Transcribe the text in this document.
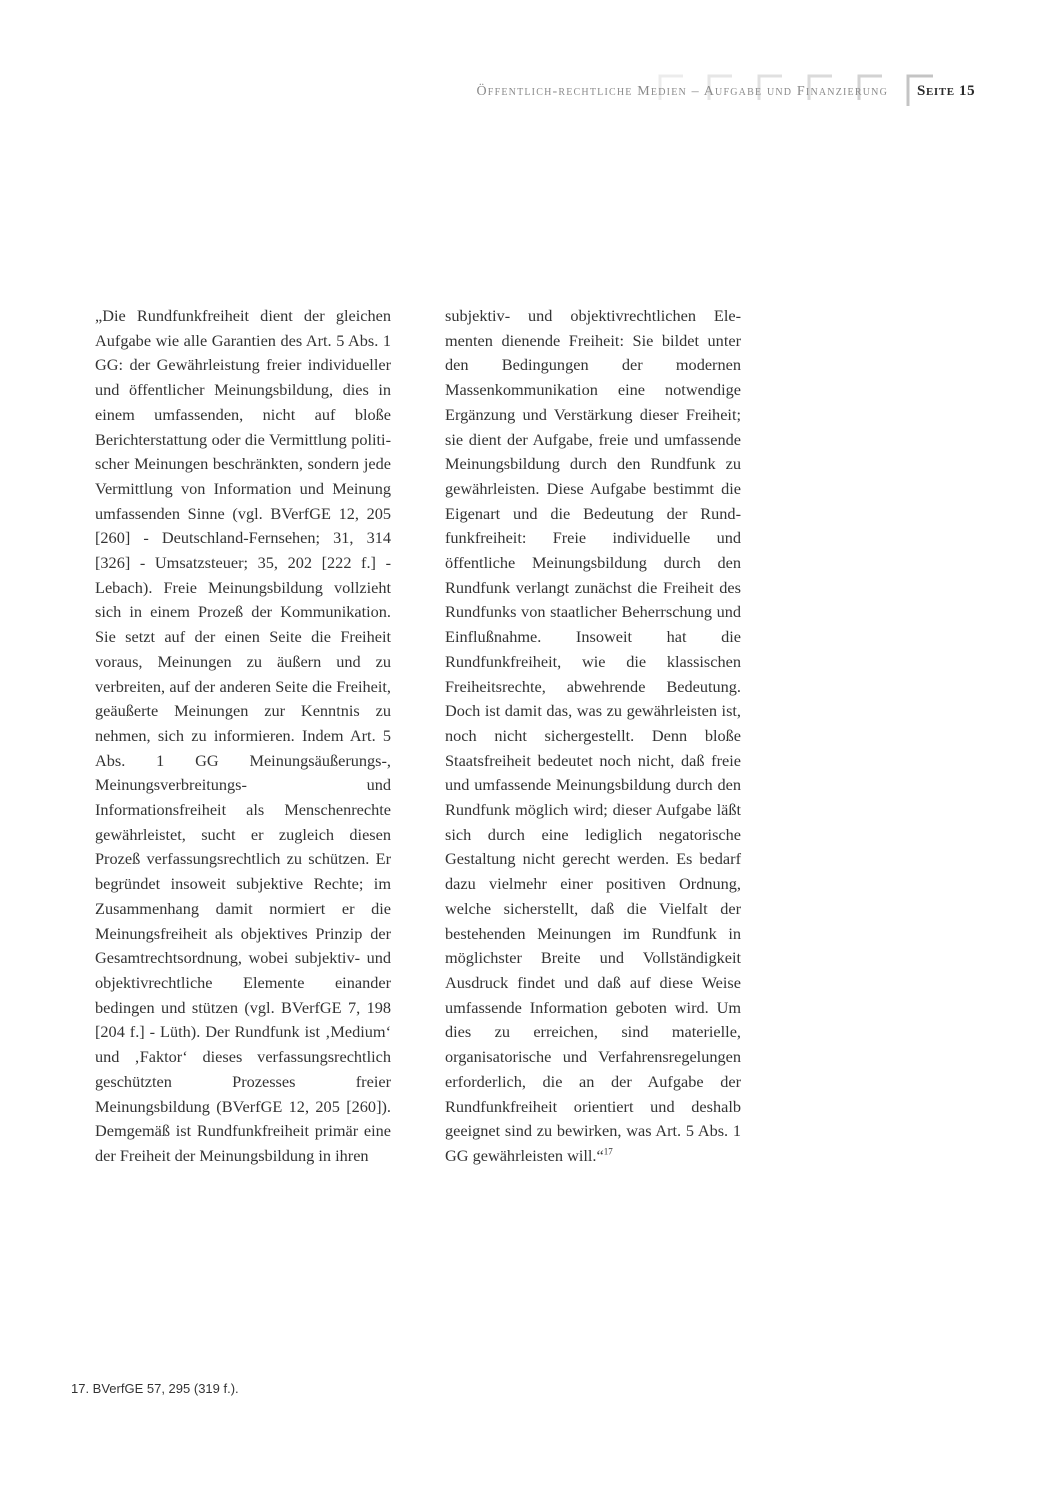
Öffentlich-rechtliche Medien – Aufgabe und Finanzierung Seite 15
„Die Rundfunkfreiheit dient der gleichen Aufgabe wie alle Garantien des Art. 5 Abs. 1 GG: der Gewährleistung freier individueller und öffentlicher Meinungsbildung, dies in einem umfassenden, nicht auf bloße Berichterstattung oder die Vermittlung politischer Meinungen beschränkten, sondern jede Vermittlung von Information und Meinung umfassenden Sinne (vgl. BVerfGE 12, 205 [260] - Deutschland-Fernsehen; 31, 314 [326] - Umsatzsteuer; 35, 202 [222 f.] - Lebach). Freie Meinungsbildung vollzieht sich in einem Prozeß der Kommunikation. Sie setzt auf der einen Seite die Freiheit voraus, Meinungen zu äußern und zu verbreiten, auf der anderen Seite die Freiheit, geäußerte Meinungen zur Kenntnis zu nehmen, sich zu informieren. Indem Art. 5 Abs. 1 GG Meinungsäußerungs-, Meinungsverbreitungs- und Informationsfreiheit als Menschenrechte gewährleistet, sucht er zugleich diesen Prozeß verfassungsrechtlich zu schützen. Er begründet insoweit subjektive Rechte; im Zusammenhang damit normiert er die Meinungsfreiheit als objektives Prinzip der Gesamtrechtsordnung, wobei subjektiv- und objektivrechtliche Elemente einander bedingen und stützen (vgl. BVerfGE 7, 198 [204 f.] - Lüth). Der Rundfunk ist ‚Medium‘ und ‚Faktor‘ dieses verfassungsrechtlich geschützten Prozesses freier Meinungsbildung (BVerfGE 12, 205 [260]). Demgemäß ist Rundfunkfreiheit primär eine der Freiheit der Meinungsbildung in ihren
subjektiv- und objektivrechtlichen Elementen dienende Freiheit: Sie bildet unter den Bedingungen der modernen Massenkommunikation eine notwendige Ergänzung und Verstärkung dieser Freiheit; sie dient der Aufgabe, freie und umfassende Meinungsbildung durch den Rundfunk zu gewährleisten. Diese Aufgabe bestimmt die Eigenart und die Bedeutung der Rundfunkfreiheit: Freie individuelle und öffentliche Meinungsbildung durch den Rundfunk verlangt zunächst die Freiheit des Rundfunks von staatlicher Beherrschung und Einflußnahme. Insoweit hat die Rundfunkfreiheit, wie die klassischen Freiheitsrechte, abwehrende Bedeutung. Doch ist damit das, was zu gewährleisten ist, noch nicht sichergestellt. Denn bloße Staatsfreiheit bedeutet noch nicht, daß freie und umfassende Meinungsbildung durch den Rundfunk möglich wird; dieser Aufgabe läßt sich durch eine lediglich negatorische Gestaltung nicht gerecht werden. Es bedarf dazu vielmehr einer positiven Ordnung, welche sicherstellt, daß die Vielfalt der bestehenden Meinungen im Rundfunk in möglichster Breite und Vollständigkeit Ausdruck findet und daß auf diese Weise umfassende Information geboten wird. Um dies zu erreichen, sind materielle, organisatorische und Verfahrensregelungen erforderlich, die an der Aufgabe der Rundfunkfreiheit orientiert und deshalb geeignet sind zu bewirken, was Art. 5 Abs. 1 GG gewährleisten will.“$^{17}$
17. BVerfGE 57, 295 (319 f.).
